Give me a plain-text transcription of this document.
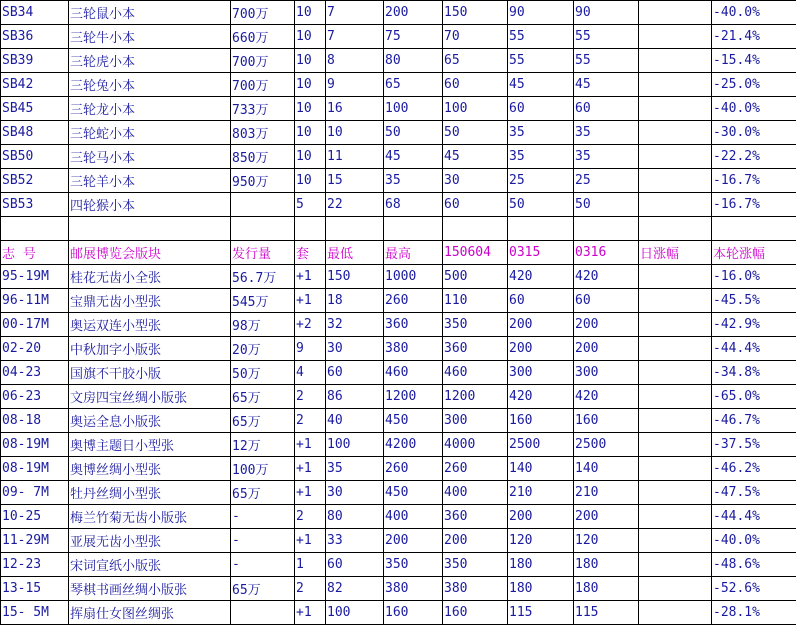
SB34	三轮鼠小本	700万	10	7	200	150	90	90		-40.0%
SB36	三轮牛小本	660万	10	7	75	70	55	55		-21.4%
SB39	三轮虎小本	700万	10	8	80	65	55	55		-15.4%
SB42	三轮兔小本	700万	10	9	65	60	45	45		-25.0%
SB45	三轮龙小本	733万	10	16	100	100	60	60		-40.0%
SB48	三轮蛇小本	803万	10	10	50	50	35	35		-30.0%
SB50	三轮马小本	850万	10	11	45	45	35	35		-22.2%
SB52	三轮羊小本	950万	10	15	35	30	25	25		-16.7%
SB53	四轮猴小本		5	22	68	60	50	50		-16.7%

志 号	邮展博览会版块	发行量	套	最低	最高	150604	0315	0316	日涨幅	本轮涨幅
95-19M	桂花无齿小全张	56.7万	+1	150	1000	500	420	420		-16.0%
96-11M	宝鼎无齿小型张	545万	+1	18	260	110	60	60		-45.5%
00-17M	奥运双连小型张	98万	+2	32	360	350	200	200		-42.9%
02-20	中秋加字小版张	20万	9	30	380	360	200	200		-44.4%
04-23	国旗不干胶小版	50万	4	60	460	460	300	300		-34.8%
06-23	文房四宝丝绸小版张	65万	2	86	1200	1200	420	420		-65.0%
08-18	奥运全息小版张	65万	2	40	450	300	160	160		-46.7%
08-19M	奥博主题日小型张	12万	+1	100	4200	4000	2500	2500		-37.5%
08-19M	奥博丝绸小型张	100万	+1	35	260	260	140	140		-46.2%
09- 7M	牡丹丝绸小型张	65万	+1	30	450	400	210	210		-47.5%
10-25	梅兰竹菊无齿小版张	-	2	80	400	360	200	200		-44.4%
11-29M	亚展无齿小型张	-	+1	33	200	200	120	120		-40.0%
12-23	宋词宣纸小版张	-	1	60	350	350	180	180		-48.6%
13-15	琴棋书画丝绸小版张	65万	2	82	380	380	180	180		-52.6%
15- 5M	挥扇仕女图丝绸张		+1	100	160	160	115	115		-28.1%
